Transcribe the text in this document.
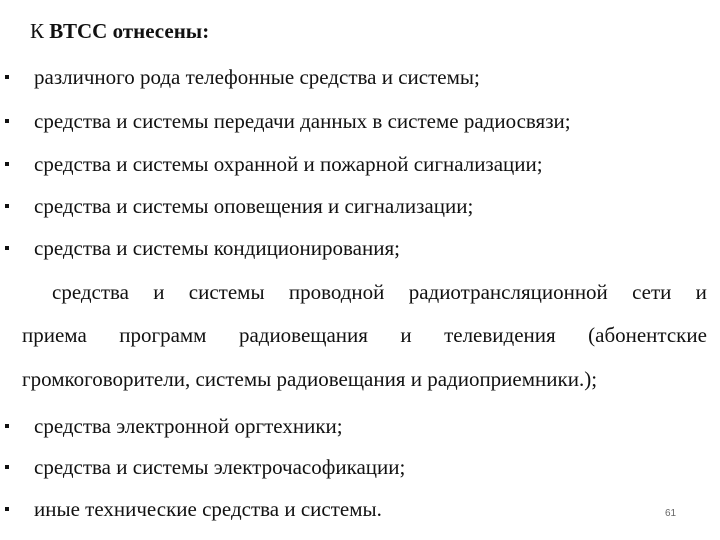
К ВТСС отнесены:
различного рода телефонные средства и системы;
средства и системы передачи данных в системе радиосвязи;
средства и системы охранной и пожарной сигнализации;
средства и системы оповещения и сигнализации;
средства и системы кондиционирования;
средства и системы проводной радиотрансляционной сети и
приема программ радиовещания и телевидения (абонентские
громкоговорители, системы радиовещания и радиоприемники.);
средства электронной оргтехники;
средства и системы электрочасофикации;
иные технические средства и системы.	61
